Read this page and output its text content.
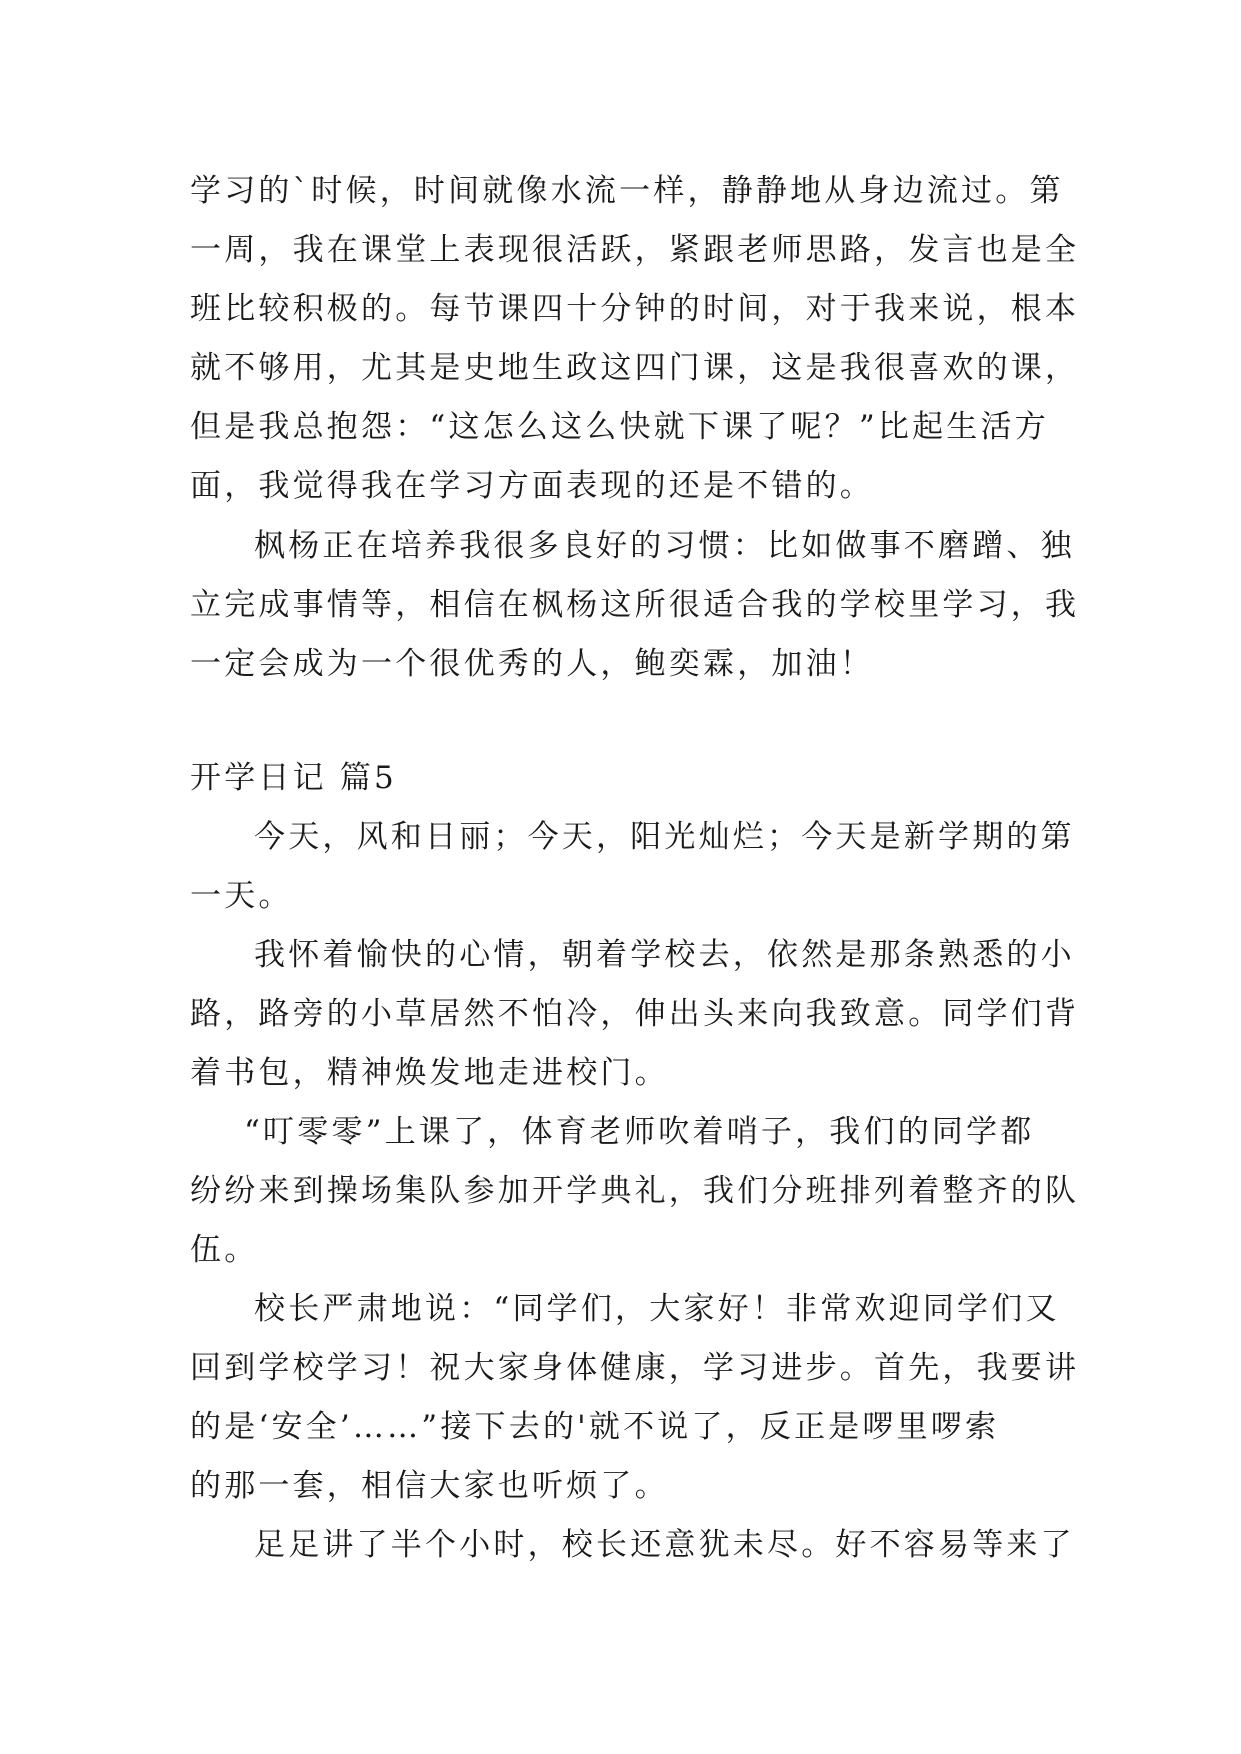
学习的`时候，时间就像水流一样，静静地从身边流过。第
一周，我在课堂上表现很活跃，紧跟老师思路，发言也是全
班比较积极的。每节课四十分钟的时间，对于我来说，根本
就不够用，尤其是史地生政这四门课，这是我很喜欢的课，
但是我总抱怨：“这怎么这么快就下课了呢？”比起生活方
面，我觉得我在学习方面表现的还是不错的。
枫杨正在培养我很多良好的习惯：比如做事不磨蹭、独
立完成事情等，相信在枫杨这所很适合我的学校里学习，我
一定会成为一个很优秀的人，鲍奕霖，加油！
开学日记 篇5
今天，风和日丽；今天，阳光灿烂；今天是新学期的第
一天。
我怀着愉快的心情，朝着学校去，依然是那条熟悉的小
路，路旁的小草居然不怕冷，伸出头来向我致意。同学们背
着书包，精神焕发地走进校门。
“叮零零”上课了，体育老师吹着哨子，我们的同学都
纷纷来到操场集队参加开学典礼，我们分班排列着整齐的队
伍。
校长严肃地说：“同学们，大家好！非常欢迎同学们又
回到学校学习！祝大家身体健康，学习进步。首先，我要讲
的是‘安全’……”接下去的'就不说了，反正是啰里啰索
的那一套，相信大家也听烦了。
足足讲了半个小时，校长还意犹未尽。好不容易等来了
